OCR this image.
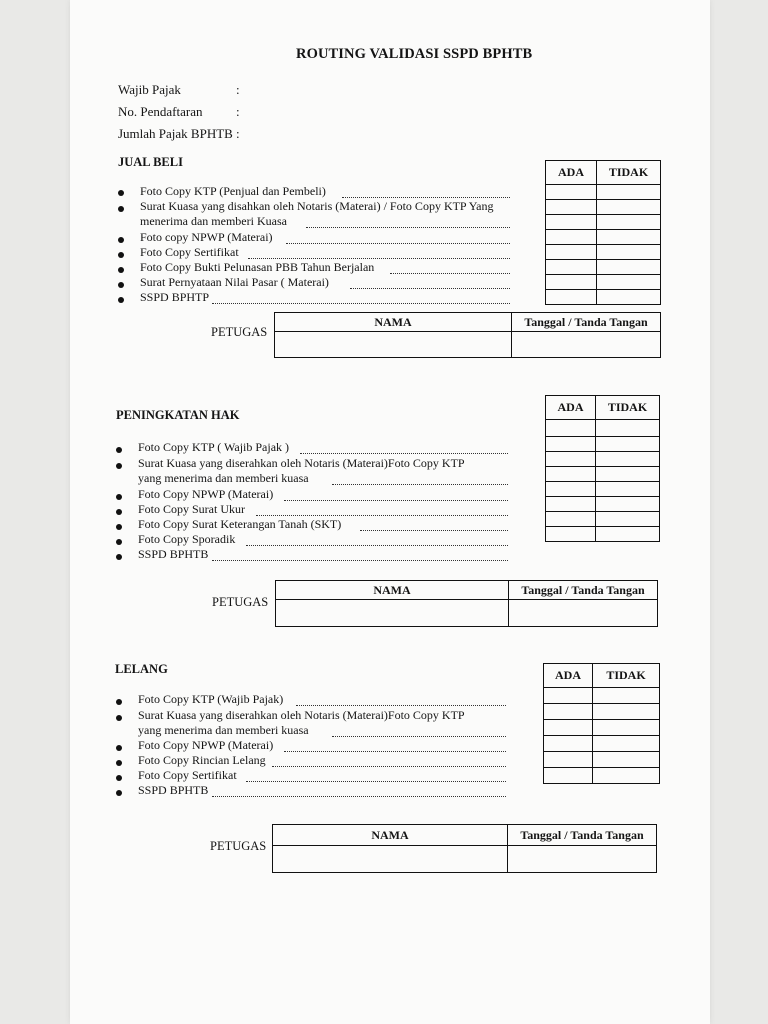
ROUTING VALIDASI SSPD BPHTB
Wajib Pajak	:
No. Pendaftaran	:
Jumlah Pajak BPHTB :
JUAL BELI
Foto Copy KTP (Penjual dan Pembeli)
Surat Kuasa yang disahkan oleh Notaris (Materai) / Foto Copy KTP Yang
menerima dan memberi Kuasa
Foto copy NPWP (Materai)
Foto Copy Sertifikat
Foto Copy Bukti Pelunasan PBB Tahun Berjalan
Surat Pernyataan Nilai Pasar ( Materai)
SSPD BPHTP
ADA	TIDAK

PETUGAS
NAMA	Tanggal / Tanda Tangan

PENINGKATAN HAK
Foto Copy KTP ( Wajib Pajak )
Surat Kuasa yang diserahkan oleh Notaris (Materai)Foto Copy KTP
yang menerima dan memberi kuasa
Foto Copy NPWP (Materai)
Foto Copy Surat Ukur
Foto Copy Surat Keterangan Tanah (SKT)
Foto Copy Sporadik
SSPD BPHTB
ADA	TIDAK

PETUGAS
NAMA	Tanggal / Tanda Tangan

LELANG
Foto Copy KTP (Wajib Pajak)
Surat Kuasa yang diserahkan oleh Notaris (Materai)Foto Copy KTP
yang menerima dan memberi kuasa
Foto Copy NPWP (Materai)
Foto Copy Rincian Lelang
Foto Copy Sertifikat
SSPD BPHTB
ADA	TIDAK

PETUGAS
NAMA	Tanggal / Tanda Tangan
